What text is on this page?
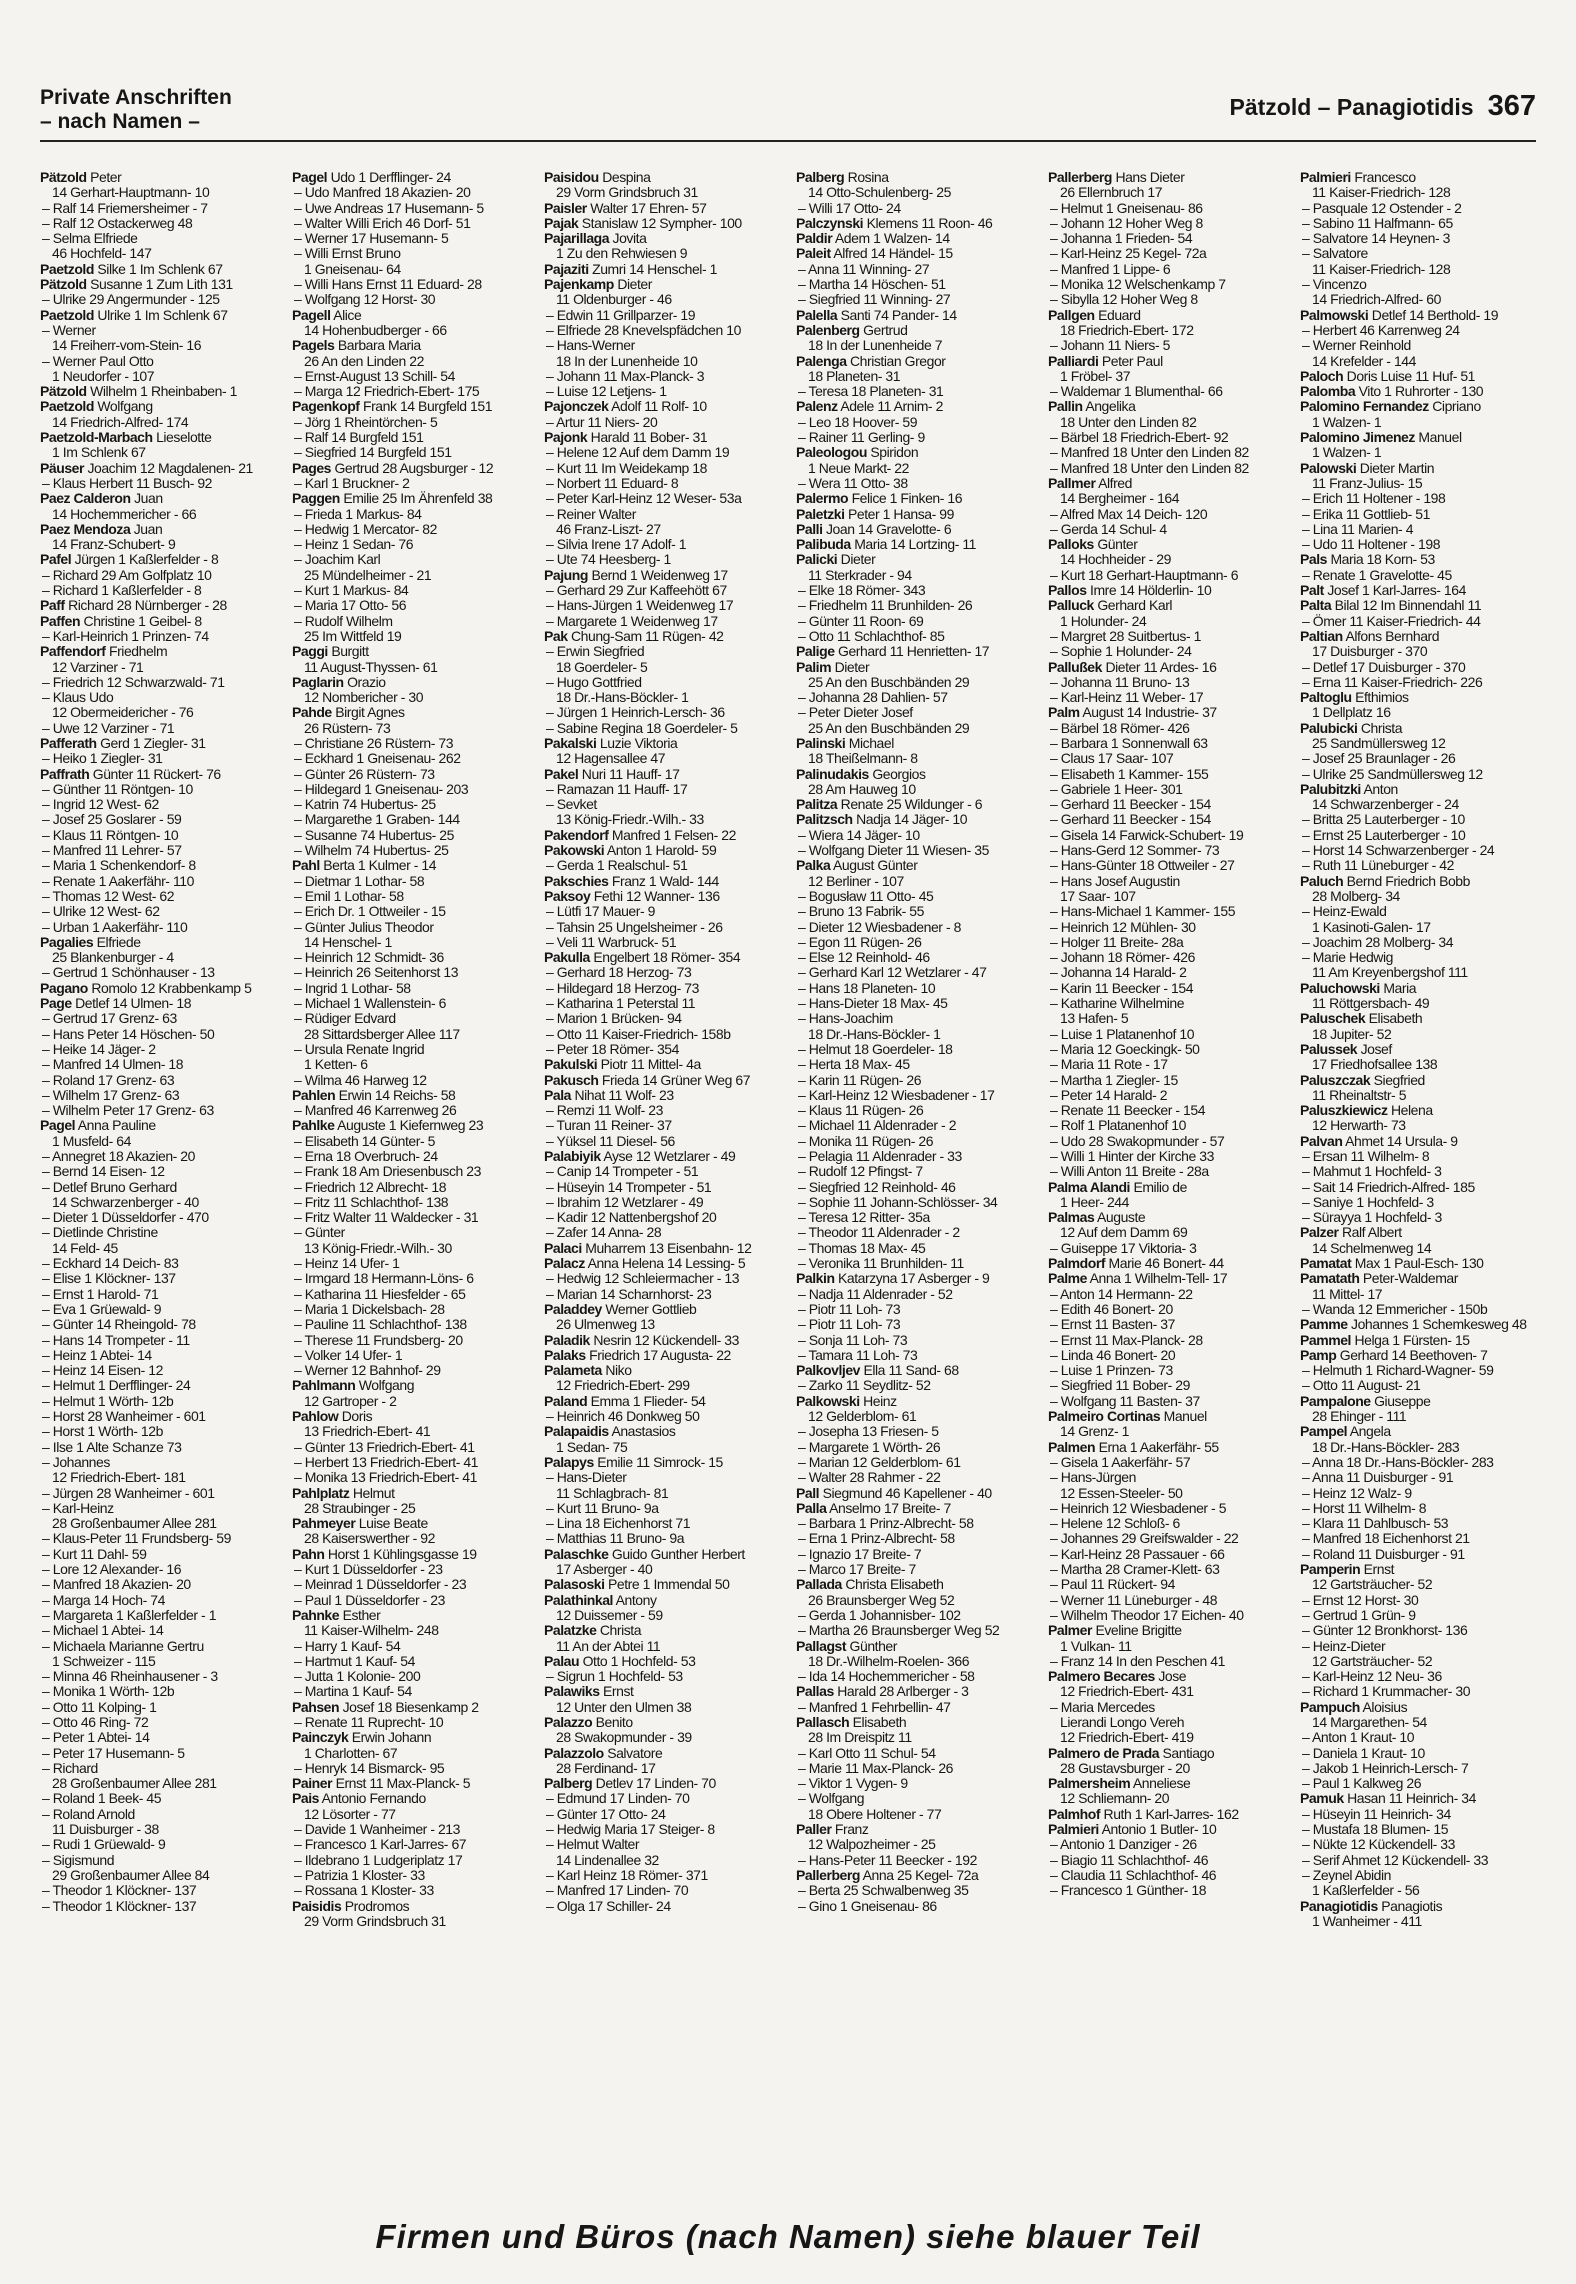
Private Anschriften
– nach Namen –
Pätzold – Panagiotidis 367
Pätzold Peter
14 Gerhart-Hauptmann- 10
– Ralf 14 Friemersheimer - 7
– Ralf 12 Ostackerweg 48
– Selma Elfriede
46 Hochfeld- 147
Paetzold Silke 1 Im Schlenk 67
Pätzold Susanne 1 Zum Lith 131
– Ulrike 29 Angermunder - 125
Paetzold Ulrike 1 Im Schlenk 67
– Werner
14 Freiherr-vom-Stein- 16
– Werner Paul Otto
1 Neudorfer - 107
Pätzold Wilhelm 1 Rheinbaben- 1
Paetzold Wolfgang
14 Friedrich-Alfred- 174
Paetzold-Marbach Lieselotte
1 Im Schlenk 67
Päuser Joachim 12 Magdalenen- 21
– Klaus Herbert 11 Busch- 92
Paez Calderon Juan
14 Hochemmericher - 66
Paez Mendoza Juan
14 Franz-Schubert- 9
Pafel Jürgen 1 Kaßlerfelder - 8
– Richard 29 Am Golfplatz 10
– Richard 1 Kaßlerfelder - 8
Paff Richard 28 Nürnberger - 28
Paffen Christine 1 Geibel- 8
– Karl-Heinrich 1 Prinzen- 74
Paffendorf Friedhelm
12 Varziner - 71
– Friedrich 12 Schwarzwald- 71
– Klaus Udo
12 Obermeidericher - 76
– Uwe 12 Varziner - 71
Pafferath Gerd 1 Ziegler- 31
– Heiko 1 Ziegler- 31
Paffrath Günter 11 Rückert- 76
– Günther 11 Röntgen- 10
– Ingrid 12 West- 62
– Josef 25 Goslarer - 59
– Klaus 11 Röntgen- 10
– Manfred 11 Lehrer- 57
– Maria 1 Schenkendorf- 8
– Renate 1 Aakerfähr- 110
– Thomas 12 West- 62
– Ulrike 12 West- 62
– Urban 1 Aakerfähr- 110
Pagalies Elfriede
25 Blankenburger - 4
– Gertrud 1 Schönhauser - 13
Pagano Romolo 12 Krabbenkamp 5
Page Detlef 14 Ulmen- 18
– Gertrud 17 Grenz- 63
– Hans Peter 14 Höschen- 50
– Heike 14 Jäger- 2
– Manfred 14 Ulmen- 18
– Roland 17 Grenz- 63
– Wilhelm 17 Grenz- 63
– Wilhelm Peter 17 Grenz- 63
Pagel Anna Pauline
1 Musfeld- 64
– Annegret 18 Akazien- 20
– Bernd 14 Eisen- 12
– Detlef Bruno Gerhard
14 Schwarzenberger - 40
– Dieter 1 Düsseldorfer - 470
– Dietlinde Christine
14 Feld- 45
– Eckhard 14 Deich- 83
– Elise 1 Klöckner- 137
– Ernst 1 Harold- 71
– Eva 1 Grüewald- 9
– Günter 14 Rheingold- 78
– Hans 14 Trompeter - 11
– Heinz 1 Abtei- 14
– Heinz 14 Eisen- 12
– Helmut 1 Derfflinger- 24
– Helmut 1 Wörth- 12b
– Horst 28 Wanheimer - 601
– Horst 1 Wörth- 12b
– Ilse 1 Alte Schanze 73
– Johannes
12 Friedrich-Ebert- 181
– Jürgen 28 Wanheimer - 601
– Karl-Heinz
28 Großenbaumer Allee 281
– Klaus-Peter 11 Frundsberg- 59
– Kurt 11 Dahl- 59
– Lore 12 Alexander- 16
– Manfred 18 Akazien- 20
– Marga 14 Hoch- 74
– Margareta 1 Kaßlerfelder - 1
– Michael 1 Abtei- 14
– Michaela Marianne Gertru
1 Schweizer - 115
– Minna 46 Rheinhausener - 3
– Monika 1 Wörth- 12b
– Otto 11 Kolping- 1
– Otto 46 Ring- 72
– Peter 1 Abtei- 14
– Peter 17 Husemann- 5
– Richard
28 Großenbaumer Allee 281
– Roland 1 Beek- 45
– Roland Arnold
11 Duisburger - 38
– Rudi 1 Grüewald- 9
– Sigismund
29 Großenbaumer Allee 84
– Theodor 1 Klöckner- 137
– Theodor 1 Klöckner- 137
Pagel Udo 1 Derfflinger- 24
– Udo Manfred 18 Akazien- 20
– Uwe Andreas 17 Husemann- 5
– Walter Willi Erich 46 Dorf- 51
– Werner 17 Husemann- 5
– Willi Ernst Bruno
1 Gneisenau- 64
– Willi Hans Ernst 11 Eduard- 28
– Wolfgang 12 Horst- 30
Pagell Alice
14 Hohenbudberger - 66
Pagels Barbara Maria
26 An den Linden 22
– Ernst-August 13 Schill- 54
– Marga 12 Friedrich-Ebert- 175
Pagenkopf Frank 14 Burgfeld 151
– Jörg 1 Rheintörchen- 5
– Ralf 14 Burgfeld 151
– Siegfried 14 Burgfeld 151
Pages Gertrud 28 Augsburger - 12
– Karl 1 Bruckner- 2
Paggen Emilie 25 Im Ährenfeld 38
– Frieda 1 Markus- 84
– Hedwig 1 Mercator- 82
– Heinz 1 Sedan- 76
– Joachim Karl
25 Mündelheimer - 21
– Kurt 1 Markus- 84
– Maria 17 Otto- 56
– Rudolf Wilhelm
25 Im Wittfeld 19
Paggi Burgitt
11 August-Thyssen- 61
Paglarin Orazio
12 Nombericher - 30
Pahde Birgit Agnes
26 Rüstern- 73
– Christiane 26 Rüstern- 73
– Eckhard 1 Gneisenau- 262
– Günter 26 Rüstern- 73
– Hildegard 1 Gneisenau- 203
– Katrin 74 Hubertus- 25
– Margarethe 1 Graben- 144
– Susanne 74 Hubertus- 25
– Wilhelm 74 Hubertus- 25
Pahl Berta 1 Kulmer - 14
– Dietmar 1 Lothar- 58
– Emil 1 Lothar- 58
– Erich Dr. 1 Ottweiler - 15
– Günter Julius Theodor
14 Henschel- 1
– Heinrich 12 Schmidt- 36
– Heinrich 26 Seitenhorst 13
– Ingrid 1 Lothar- 58
– Michael 1 Wallenstein- 6
– Rüdiger Edvard
28 Sittardsberger Allee 117
– Ursula Renate Ingrid
1 Ketten- 6
– Wilma 46 Harweg 12
Pahlen Erwin 14 Reichs- 58
– Manfred 46 Karrenweg 26
Pahlke Auguste 1 Kiefernweg 23
– Elisabeth 14 Günter- 5
– Erna 18 Overbruch- 24
– Frank 18 Am Driesenbusch 23
– Friedrich 12 Albrecht- 18
– Fritz 11 Schlachthof- 138
– Fritz Walter 11 Waldecker - 31
– Günter
13 König-Friedr.-Wilh.- 30
– Heinz 14 Ufer- 1
– Irmgard 18 Hermann-Löns- 6
– Katharina 11 Hiesfelder - 65
– Maria 1 Dickelsbach- 28
– Pauline 11 Schlachthof- 138
– Therese 11 Frundsberg- 20
– Volker 14 Ufer- 1
– Werner 12 Bahnhof- 29
Pahlmann Wolfgang
12 Gartroper - 2
Pahlow Doris
13 Friedrich-Ebert- 41
– Günter 13 Friedrich-Ebert- 41
– Herbert 13 Friedrich-Ebert- 41
– Monika 13 Friedrich-Ebert- 41
Pahlplatz Helmut
28 Straubinger - 25
Pahmeyer Luise Beate
28 Kaiserswerther - 92
Pahn Horst 1 Kühlingsgasse 19
– Kurt 1 Düsseldorfer - 23
– Meinrad 1 Düsseldorfer - 23
– Paul 1 Düsseldorfer - 23
Pahnke Esther
11 Kaiser-Wilhelm- 248
– Harry 1 Kauf- 54
– Hartmut 1 Kauf- 54
– Jutta 1 Kolonie- 200
– Martina 1 Kauf- 54
Pahsen Josef 18 Biesenkamp 2
– Renate 11 Ruprecht- 10
Painczyk Erwin Johann
1 Charlotten- 67
– Henryk 14 Bismarck- 95
Painer Ernst 11 Max-Planck- 5
Pais Antonio Fernando
12 Lösorter - 77
– Davide 1 Wanheimer - 213
– Francesco 1 Karl-Jarres- 67
– Ildebrano 1 Ludgeriplatz 17
– Patrizia 1 Kloster- 33
– Rossana 1 Kloster- 33
Paisidis Prodromos
29 Vorm Grindsbruch 31
Paisidou Despina
29 Vorm Grindsbruch 31
Paisler Walter 17 Ehren- 57
Pajak Stanislaw 12 Sympher- 100
Pajarillaga Jovita
1 Zu den Rehwiesen 9
Pajaziti Zumri 14 Henschel- 1
Pajenkamp Dieter
11 Oldenburger - 46
– Edwin 11 Grillparzer- 19
– Elfriede 28 Knevelspfädchen 10
– Hans-Werner
18 In der Lunenheide 10
– Johann 11 Max-Planck- 3
– Luise 12 Letjens- 1
Pajonczek Adolf 11 Rolf- 10
– Artur 11 Niers- 20
Pajonk Harald 11 Bober- 31
– Helene 12 Auf dem Damm 19
– Kurt 11 Im Weidekamp 18
– Norbert 11 Eduard- 8
– Peter Karl-Heinz 12 Weser- 53a
– Reiner Walter
46 Franz-Liszt- 27
– Silvia Irene 17 Adolf- 1
– Ute 74 Heesberg- 1
Pajung Bernd 1 Weidenweg 17
– Gerhard 29 Zur Kaffeehött 67
– Hans-Jürgen 1 Weidenweg 17
– Margarete 1 Weidenweg 17
Pak Chung-Sam 11 Rügen- 42
– Erwin Siegfried
18 Goerdeler- 5
– Hugo Gottfried
18 Dr.-Hans-Böckler- 1
– Jürgen 1 Heinrich-Lersch- 36
– Sabine Regina 18 Goerdeler- 5
Pakalski Luzie Viktoria
12 Hagensallee 47
Pakel Nuri 11 Hauff- 17
– Ramazan 11 Hauff- 17
– Sevket
13 König-Friedr.-Wilh.- 33
Pakendorf Manfred 1 Felsen- 22
Pakowski Anton 1 Harold- 59
– Gerda 1 Realschul- 51
Pakschies Franz 1 Wald- 144
Paksoy Fethi 12 Wanner- 136
– Lütfi 17 Mauer- 9
– Tahsin 25 Ungelsheimer - 26
– Veli 11 Warbruck- 51
Pakulla Engelbert 18 Römer- 354
– Gerhard 18 Herzog- 73
– Hildegard 18 Herzog- 73
– Katharina 1 Peterstal 11
– Marion 1 Brücken- 94
– Otto 11 Kaiser-Friedrich- 158b
– Peter 18 Römer- 354
Pakulski Piotr 11 Mittel- 4a
Pakusch Frieda 14 Grüner Weg 67
Pala Nihat 11 Wolf- 23
– Remzi 11 Wolf- 23
– Turan 11 Reiner- 37
– Yüksel 11 Diesel- 56
Palabiyik Ayse 12 Wetzlarer - 49
– Canip 14 Trompeter - 51
– Hüseyin 14 Trompeter - 51
– Ibrahim 12 Wetzlarer - 49
– Kadir 12 Nattenbergshof 20
– Zafer 14 Anna- 28
Palaci Muharrem 13 Eisenbahn- 12
Palacz Anna Helena 14 Lessing- 5
– Hedwig 12 Schleiermacher - 13
– Marian 14 Scharnhorst- 23
Paladdey Werner Gottlieb
26 Ulmenweg 13
Paladik Nesrin 12 Kückendell- 33
Palaks Friedrich 17 Augusta- 22
Palameta Niko
12 Friedrich-Ebert- 299
Paland Emma 1 Flieder- 54
– Heinrich 46 Donkweg 50
Palapaidis Anastasios
1 Sedan- 75
Palapys Emilie 11 Simrock- 15
– Hans-Dieter
11 Schlagbrach- 81
– Kurt 11 Bruno- 9a
– Lina 18 Eichenhorst 71
– Matthias 11 Bruno- 9a
Palaschke Guido Gunther Herbert
17 Asberger - 40
Palasoski Petre 1 Immendal 50
Palathinkal Antony
12 Duissemer - 59
Palatzke Christa
11 An der Abtei 11
Palau Otto 1 Hochfeld- 53
– Sigrun 1 Hochfeld- 53
Palawiks Ernst
12 Unter den Ulmen 38
Palazzo Benito
28 Swakopmunder - 39
Palazzolo Salvatore
28 Ferdinand- 17
Palberg Detlev 17 Linden- 70
– Edmund 17 Linden- 70
– Günter 17 Otto- 24
– Hedwig Maria 17 Steiger- 8
– Helmut Walter
14 Lindenallee 32
– Karl Heinz 18 Römer- 371
– Manfred 17 Linden- 70
– Olga 17 Schiller- 24
Palberg Rosina
14 Otto-Schulenberg- 25
– Willi 17 Otto- 24
Palczynski Klemens 11 Roon- 46
Paldir Adem 1 Walzen- 14
Paleit Alfred 14 Händel- 15
– Anna 11 Winning- 27
– Martha 14 Höschen- 51
– Siegfried 11 Winning- 27
Palella Santi 74 Pander- 14
Palenberg Gertrud
18 In der Lunenheide 7
Palenga Christian Gregor
18 Planeten- 31
– Teresa 18 Planeten- 31
Palenz Adele 11 Arnim- 2
– Leo 18 Hoover- 59
– Rainer 11 Gerling- 9
Paleologou Spiridon
1 Neue Markt- 22
– Wera 11 Otto- 38
Palermo Felice 1 Finken- 16
Paletzki Peter 1 Hansa- 99
Palli Joan 14 Gravelotte- 6
Palibuda Maria 14 Lortzing- 11
Palicki Dieter
11 Sterkrader - 94
– Elke 18 Römer- 343
– Friedhelm 11 Brunhilden- 26
– Günter 11 Roon- 69
– Otto 11 Schlachthof- 85
Palige Gerhard 11 Henrietten- 17
Palim Dieter
25 An den Buschbänden 29
– Johanna 28 Dahlien- 57
– Peter Dieter Josef
25 An den Buschbänden 29
Palinski Michael
18 Theißelmann- 8
Palinudakis Georgios
28 Am Hauweg 10
Palitza Renate 25 Wildunger - 6
Palitzsch Nadja 14 Jäger- 10
– Wiera 14 Jäger- 10
– Wolfgang Dieter 11 Wiesen- 35
Palka August Günter
12 Berliner - 107
– Bogusław 11 Otto- 45
– Bruno 13 Fabrik- 55
– Dieter 12 Wiesbadener - 8
– Egon 11 Rügen- 26
– Else 12 Reinhold- 46
– Gerhard Karl 12 Wetzlarer - 47
– Hans 18 Planeten- 10
– Hans-Dieter 18 Max- 45
– Hans-Joachim
18 Dr.-Hans-Böckler- 1
– Helmut 18 Goerdeler- 18
– Herta 18 Max- 45
– Karin 11 Rügen- 26
– Karl-Heinz 12 Wiesbadener - 17
– Klaus 11 Rügen- 26
– Michael 11 Aldenrader - 2
– Monika 11 Rügen- 26
– Pelagia 11 Aldenrader - 33
– Rudolf 12 Pfingst- 7
– Siegfried 12 Reinhold- 46
– Sophie 11 Johann-Schlösser- 34
– Teresa 12 Ritter- 35a
– Theodor 11 Aldenrader - 2
– Thomas 18 Max- 45
– Veronika 11 Brunhilden- 11
Palkin Katarzyna 17 Asberger - 9
– Nadja 11 Aldenrader - 52
– Piotr 11 Loh- 73
– Piotr 11 Loh- 73
– Sonja 11 Loh- 73
– Tamara 11 Loh- 73
Palkovljev Ella 11 Sand- 68
– Zarko 11 Seydlitz- 52
Palkowski Heinz
12 Gelderblom- 61
– Josepha 13 Friesen- 5
– Margarete 1 Wörth- 26
– Marian 12 Gelderblom- 61
– Walter 28 Rahmer - 22
Pall Siegmund 46 Kapellener - 40
Palla Anselmo 17 Breite- 7
– Barbara 1 Prinz-Albrecht- 58
– Erna 1 Prinz-Albrecht- 58
– Ignazio 17 Breite- 7
– Marco 17 Breite- 7
Pallada Christa Elisabeth
26 Braunsberger Weg 52
– Gerda 1 Johannisber- 102
– Martha 26 Braunsberger Weg 52
Pallagst Günther
18 Dr.-Wilhelm-Roelen- 366
– Ida 14 Hochemmericher - 58
Pallas Harald 28 Arlberger - 3
– Manfred 1 Fehrbellin- 47
Pallasch Elisabeth
28 Im Dreispitz 11
– Karl Otto 11 Schul- 54
– Marie 11 Max-Planck- 26
– Viktor 1 Vygen- 9
– Wolfgang
18 Obere Holtener - 77
Paller Franz
12 Walpozheimer - 25
– Hans-Peter 11 Beecker - 192
Pallerberg Anna 25 Kegel- 72a
– Berta 25 Schwalbenweg 35
– Gino 1 Gneisenau- 86
Pallerberg Hans Dieter
26 Ellernbruch 17
– Helmut 1 Gneisenau- 86
– Johann 12 Hoher Weg 8
– Johanna 1 Frieden- 54
– Karl-Heinz 25 Kegel- 72a
– Manfred 1 Lippe- 6
– Monika 12 Welschenkamp 7
– Sibylla 12 Hoher Weg 8
Pallgen Eduard
18 Friedrich-Ebert- 172
– Johann 11 Niers- 5
Palliardi Peter Paul
1 Fröbel- 37
– Waldemar 1 Blumenthal- 66
Pallin Angelika
18 Unter den Linden 82
– Bärbel 18 Friedrich-Ebert- 92
– Manfred 18 Unter den Linden 82
– Manfred 18 Unter den Linden 82
Pallmer Alfred
14 Bergheimer - 164
– Alfred Max 14 Deich- 120
– Gerda 14 Schul- 4
Palloks Günter
14 Hochheider - 29
– Kurt 18 Gerhart-Hauptmann- 6
Pallos Imre 14 Hölderlin- 10
Palluck Gerhard Karl
1 Holunder- 24
– Margret 28 Suitbertus- 1
– Sophie 1 Holunder- 24
Pallußek Dieter 11 Ardes- 16
– Johanna 11 Bruno- 13
– Karl-Heinz 11 Weber- 17
Palm August 14 Industrie- 37
– Bärbel 18 Römer- 426
– Barbara 1 Sonnenwall 63
– Claus 17 Saar- 107
– Elisabeth 1 Kammer- 155
– Gabriele 1 Heer- 301
– Gerhard 11 Beecker - 154
– Gerhard 11 Beecker - 154
– Gisela 14 Farwick-Schubert- 19
– Hans-Gerd 12 Sommer- 73
– Hans-Günter 18 Ottweiler - 27
– Hans Josef Augustin
17 Saar- 107
– Hans-Michael 1 Kammer- 155
– Heinrich 12 Mühlen- 30
– Holger 11 Breite- 28a
– Johann 18 Römer- 426
– Johanna 14 Harald- 2
– Karin 11 Beecker - 154
– Katharine Wilhelmine
13 Hafen- 5
– Luise 1 Platanenhof 10
– Maria 12 Goeckingk- 50
– Maria 11 Rote - 17
– Martha 1 Ziegler- 15
– Peter 14 Harald- 2
– Renate 11 Beecker - 154
– Rolf 1 Platanenhof 10
– Udo 28 Swakopmunder - 57
– Willi 1 Hinter der Kirche 33
– Willi Anton 11 Breite - 28a
Palma Alandi Emilio de
1 Heer- 244
Palmas Auguste
12 Auf dem Damm 69
– Guiseppe 17 Viktoria- 3
Palmdorf Marie 46 Bonert- 44
Palme Anna 1 Wilhelm-Tell- 17
– Anton 14 Hermann- 22
– Edith 46 Bonert- 20
– Ernst 11 Basten- 37
– Ernst 11 Max-Planck- 28
– Linda 46 Bonert- 20
– Luise 1 Prinzen- 73
– Siegfried 11 Bober- 29
– Wolfgang 11 Basten- 37
Palmeiro Cortinas Manuel
14 Grenz- 1
Palmen Erna 1 Aakerfähr- 55
– Gisela 1 Aakerfähr- 57
– Hans-Jürgen
12 Essen-Steeler- 50
– Heinrich 12 Wiesbadener - 5
– Helene 12 Schloß- 6
– Johannes 29 Greifswalder - 22
– Karl-Heinz 28 Passauer - 66
– Martha 28 Cramer-Klett- 63
– Paul 11 Rückert- 94
– Werner 11 Lüneburger - 48
– Wilhelm Theodor 17 Eichen- 40
Palmer Eveline Brigitte
1 Vulkan- 11
– Franz 14 In den Peschen 41
Palmero Becares Jose
12 Friedrich-Ebert- 431
– Maria Mercedes
Lierandi Longo Vereh
12 Friedrich-Ebert- 419
Palmero de Prada Santiago
28 Gustavsburger - 20
Palmersheim Anneliese
12 Schliemann- 20
Palmhof Ruth 1 Karl-Jarres- 162
Palmieri Antonio 1 Butler- 10
– Antonio 1 Danziger - 26
– Biagio 11 Schlachthof- 46
– Claudia 11 Schlachthof- 46
– Francesco 1 Günther- 18
Palmieri Francesco
11 Kaiser-Friedrich- 128
– Pasquale 12 Ostender - 2
– Sabino 11 Halfmann- 65
– Salvatore 14 Heynen- 3
– Salvatore
11 Kaiser-Friedrich- 128
– Vincenzo
14 Friedrich-Alfred- 60
Palmowski Detlef 14 Berthold- 19
– Herbert 46 Karrenweg 24
– Werner Reinhold
14 Krefelder - 144
Paloch Doris Luise 11 Huf- 51
Palomba Vito 1 Ruhrorter - 130
Palomino Fernandez Cipriano
1 Walzen- 1
Palomino Jimenez Manuel
1 Walzen- 1
Palowski Dieter Martin
11 Franz-Julius- 15
– Erich 11 Holtener - 198
– Erika 11 Gottlieb- 51
– Lina 11 Marien- 4
– Udo 11 Holtener - 198
Pals Maria 18 Korn- 53
– Renate 1 Gravelotte- 45
Palt Josef 1 Karl-Jarres- 164
Palta Bilal 12 Im Binnendahl 11
– Ömer 11 Kaiser-Friedrich- 44
Paltian Alfons Bernhard
17 Duisburger - 370
– Detlef 17 Duisburger - 370
– Erna 11 Kaiser-Friedrich- 226
Paltoglu Efthimios
1 Dellplatz 16
Palubicki Christa
25 Sandmüllersweg 12
– Josef 25 Braunlager - 26
– Ulrike 25 Sandmüllersweg 12
Palubitzki Anton
14 Schwarzenberger - 24
– Britta 25 Lauterberger - 10
– Ernst 25 Lauterberger - 10
– Horst 14 Schwarzenberger - 24
– Ruth 11 Lüneburger - 42
Paluch Bernd Friedrich Bobb
28 Molberg- 34
– Heinz-Ewald
1 Kasinoti-Galen- 17
– Joachim 28 Molberg- 34
– Marie Hedwig
11 Am Kreyenbergshof 111
Paluchowski Maria
11 Röttgersbach- 49
Paluschek Elisabeth
18 Jupiter- 52
Palussek Josef
17 Friedhofsallee 138
Paluszczak Siegfried
11 Rheinaltstr- 5
Paluszkiewicz Helena
12 Herwarth- 73
Palvan Ahmet 14 Ursula- 9
– Ersan 11 Wilhelm- 8
– Mahmut 1 Hochfeld- 3
– Sait 14 Friedrich-Alfred- 185
– Saniye 1 Hochfeld- 3
– Sürayya 1 Hochfeld- 3
Palzer Ralf Albert
14 Schelmenweg 14
Pamatat Max 1 Paul-Esch- 130
Pamatath Peter-Waldemar
11 Mittel- 17
– Wanda 12 Emmericher - 150b
Pamme Johannes 1 Schemkesweg 48
Pammel Helga 1 Fürsten- 15
Pamp Gerhard 14 Beethoven- 7
– Helmuth 1 Richard-Wagner- 59
– Otto 11 August- 21
Pampalone Giuseppe
28 Ehinger - 111
Pampel Angela
18 Dr.-Hans-Böckler- 283
– Anna 18 Dr.-Hans-Böckler- 283
– Anna 11 Duisburger - 91
– Heinz 12 Walz- 9
– Horst 11 Wilhelm- 8
– Klara 11 Dahlbusch- 53
– Manfred 18 Eichenhorst 21
– Roland 11 Duisburger - 91
Pamperin Ernst
12 Gartsträucher- 52
– Ernst 12 Horst- 30
– Gertrud 1 Grün- 9
– Günter 12 Bronkhorst- 136
– Heinz-Dieter
12 Gartsträucher- 52
– Karl-Heinz 12 Neu- 36
– Richard 1 Krummacher- 30
Pampuch Aloisius
14 Margarethen- 54
– Anton 1 Kraut- 10
– Daniela 1 Kraut- 10
– Jakob 1 Heinrich-Lersch- 7
– Paul 1 Kalkweg 26
Pamuk Hasan 11 Heinrich- 34
– Hüseyin 11 Heinrich- 34
– Mustafa 18 Blumen- 15
– Nükte 12 Kückendell- 33
– Serif Ahmet 12 Kückendell- 33
– Zeynel Abidin
1 Kaßlerfelder - 56
Panagiotidis Panagiotis
1 Wanheimer - 411
Firmen und Büros (nach Namen) siehe blauer Teil
